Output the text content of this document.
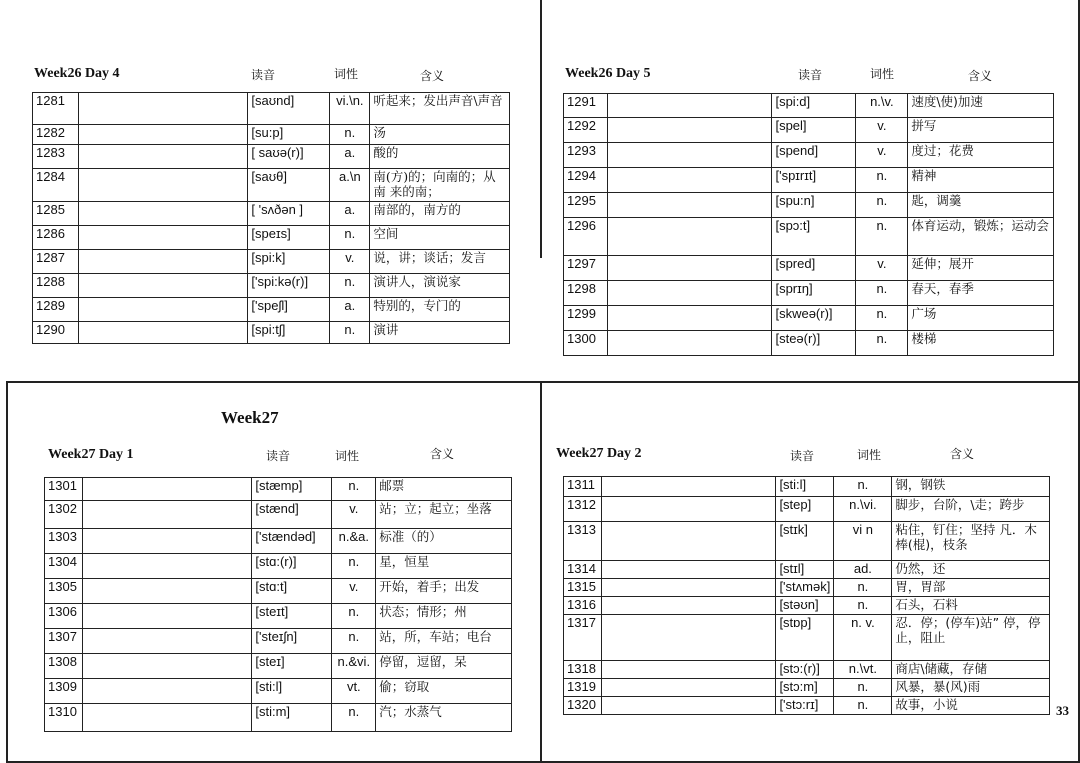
Week26 Day 4	读音	词性	含义
1281		[saʊnd]	vi.\n.	听起来；发出声音\声音
1282		[su:p]	n.	汤
1283		[ saʊə(r)]	a.	酸的
1284		[saʊθ]	a.\n	南(方)的；向南的；从南 来的南；
1285		[ 'sʌðən ]	a.	南部的，南方的
1286		[speɪs]	n.	空间
1287		[spi:k]	v.	说，讲；谈话；发言
1288		['spi:kə(r)]	n.	演讲人，演说家
1289		['speʃl]	a.	特别的，专门的
1290		[spi:tʃ]	n.	演讲
Week26 Day 5	读音	词性	含义
1291		[spi:d]	n.\v.	速度\使)加速
1292		[spel]	v.	拼写
1293		[spend]	v.	度过；花费
1294		['spɪrɪt]	n.	精神
1295		[spu:n]	n.	匙，调羹
1296		[spɔ:t]	n.	体育运动，锻炼；运动会
1297		[spred]	v.	延伸；展开
1298		[sprɪŋ]	n.	春天，春季
1299		[skweə(r)]	n.	广场
1300		[steə(r)]	n.	楼梯
Week27
Week27 Day 1	读音	词性	含义
1301		[stæmp]	n.	邮票
1302		[stænd]	v.	站；立；起立；坐落
1303		['stændəd]	n.&a.	标准（的）
1304		[stɑ:(r)]	n.	星，恒星
1305		[stɑ:t]	v.	开始，着手；出发
1306		[steɪt]	n.	状态；情形；州
1307		['steɪʃn]	n.	站，所，车站；电台
1308		[steɪ]	n.&vi.	停留，逗留，呆
1309		[sti:l]	vt.	偷；窃取
1310		[sti:m]	n.	汽；水蒸气
Week27 Day 2	读音	词性	含义
1311		[sti:l]	n.	钢，钢铁
1312		[step]	n.\vi.	脚步，台阶，\走；跨步
1313		[stɪk]	vi n	粘住，钉住；坚持 凡．木棒(棍)，枝条
1314		[stɪl]	ad.	仍然，还
1315		['stʌmək]	n.	胃，胃部
1316		[stəʊn]	n.	石头，石料
1317		[stɒp]	n. v.	忍．停；(停车)站” 停，停止，阻止
1318		[stɔ:(r)]	n.\vt.	商店\储藏，存储
1319		[stɔ:m]	n.	风暴，暴(风)雨
1320		['stɔ:rɪ]	n.	故事，小说	33
